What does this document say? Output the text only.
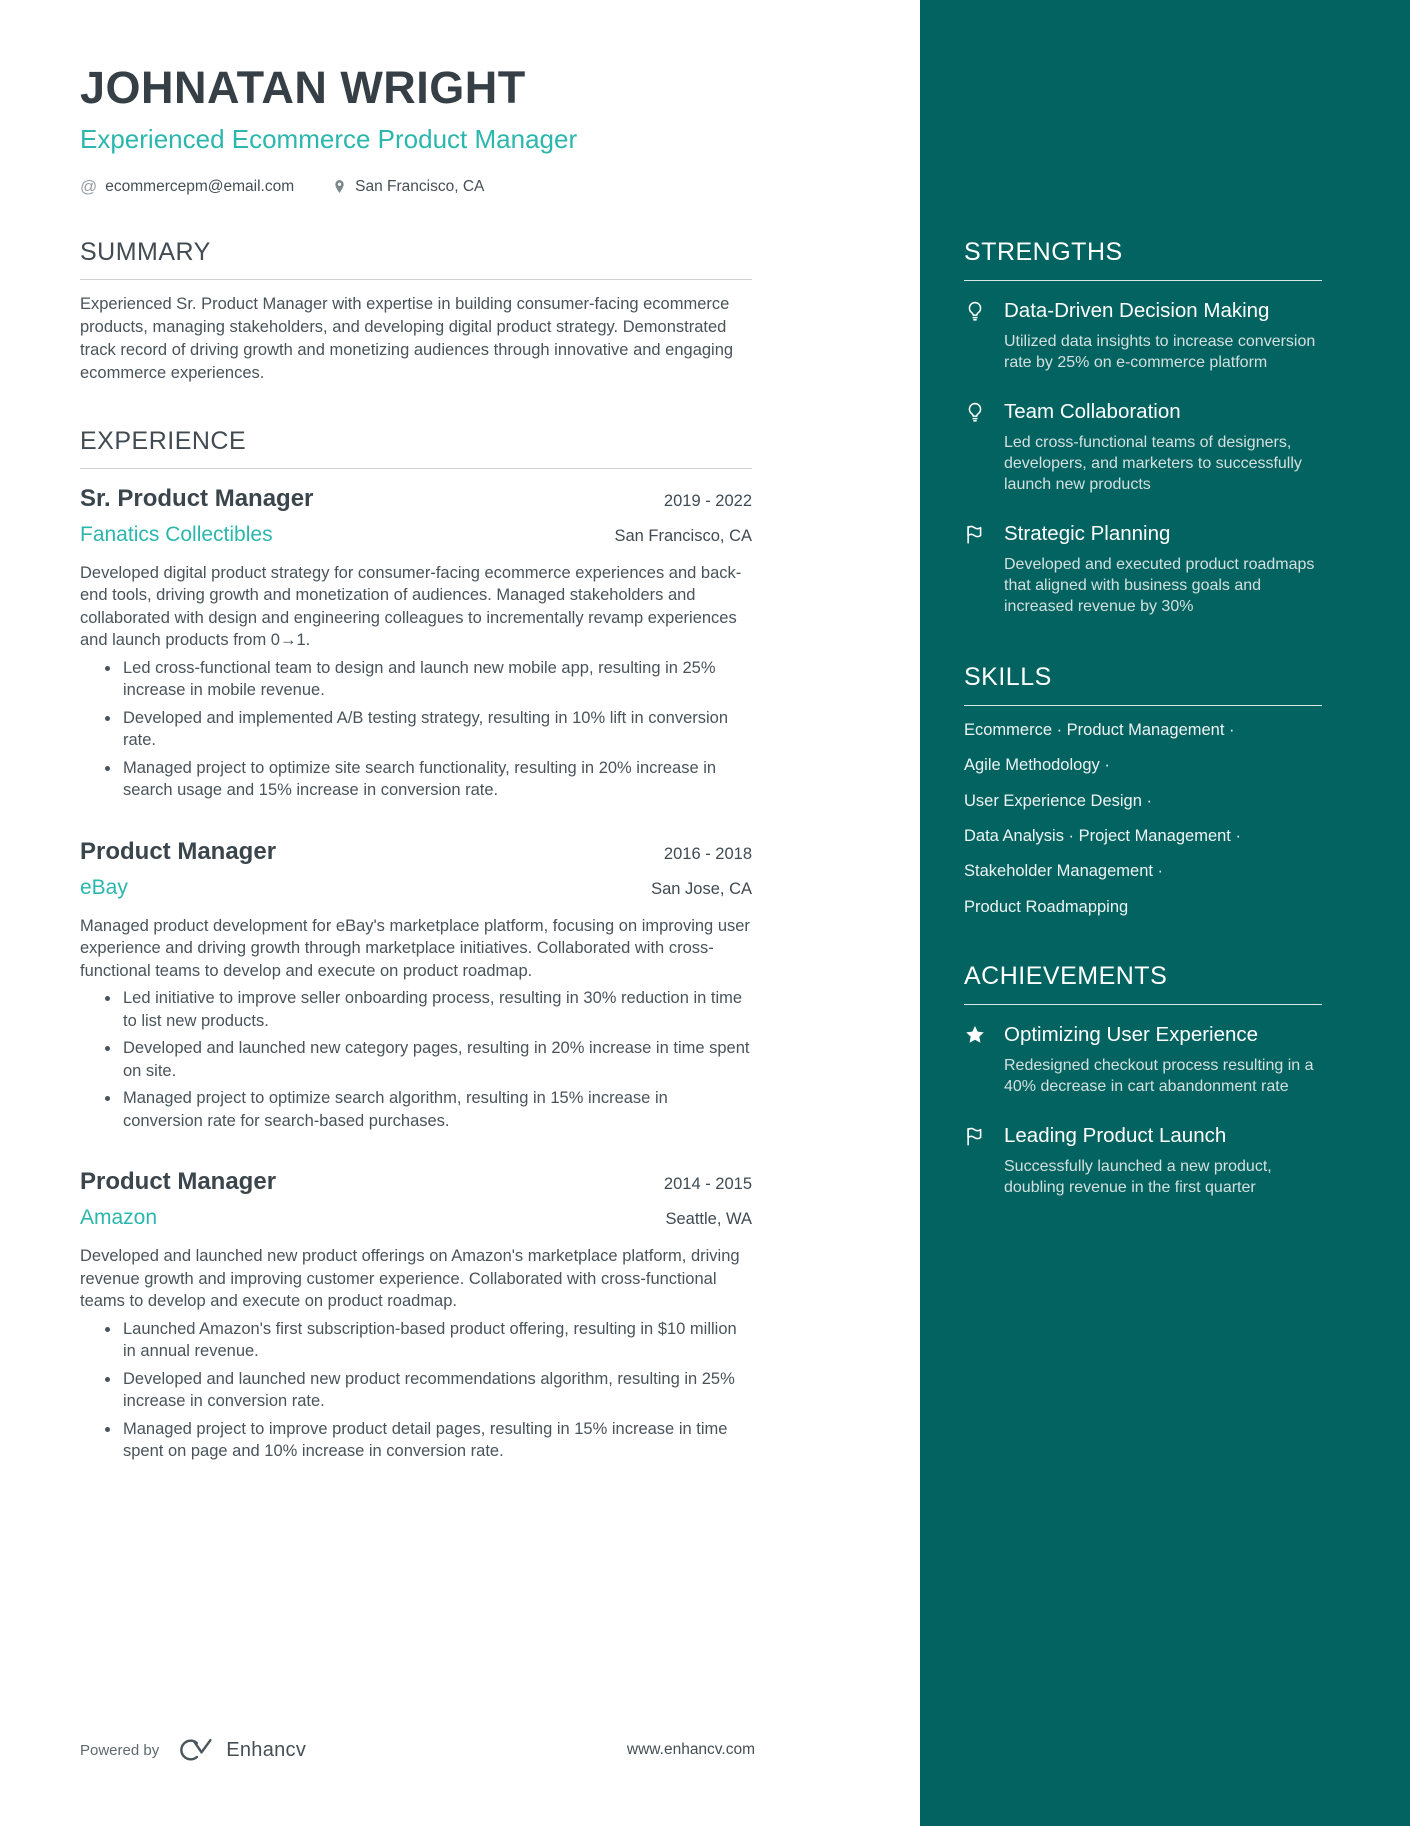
JOHNATAN WRIGHT
Experienced Ecommerce Product Manager
@ ecommercepm@email.com	San Francisco, CA
SUMMARY
Experienced Sr. Product Manager with expertise in building consumer-facing ecommerce products, managing stakeholders, and developing digital product strategy. Demonstrated track record of driving growth and monetizing audiences through innovative and engaging ecommerce experiences.
EXPERIENCE
Sr. Product Manager	2019 - 2022
Fanatics Collectibles	San Francisco, CA
Developed digital product strategy for consumer-facing ecommerce experiences and back-end tools, driving growth and monetization of audiences. Managed stakeholders and collaborated with design and engineering colleagues to incrementally revamp experiences and launch products from 0→1.
• Led cross-functional team to design and launch new mobile app, resulting in 25% increase in mobile revenue.
• Developed and implemented A/B testing strategy, resulting in 10% lift in conversion rate.
• Managed project to optimize site search functionality, resulting in 20% increase in search usage and 15% increase in conversion rate.
Product Manager	2016 - 2018
eBay	San Jose, CA
Managed product development for eBay's marketplace platform, focusing on improving user experience and driving growth through marketplace initiatives. Collaborated with cross-functional teams to develop and execute on product roadmap.
• Led initiative to improve seller onboarding process, resulting in 30% reduction in time to list new products.
• Developed and launched new category pages, resulting in 20% increase in time spent on site.
• Managed project to optimize search algorithm, resulting in 15% increase in conversion rate for search-based purchases.
Product Manager	2014 - 2015
Amazon	Seattle, WA
Developed and launched new product offerings on Amazon's marketplace platform, driving revenue growth and improving customer experience. Collaborated with cross-functional teams to develop and execute on product roadmap.
• Launched Amazon's first subscription-based product offering, resulting in $10 million in annual revenue.
• Developed and launched new product recommendations algorithm, resulting in 25% increase in conversion rate.
• Managed project to improve product detail pages, resulting in 15% increase in time spent on page and 10% increase in conversion rate.
STRENGTHS
Data-Driven Decision Making
Utilized data insights to increase conversion rate by 25% on e-commerce platform
Team Collaboration
Led cross-functional teams of designers, developers, and marketers to successfully launch new products
Strategic Planning
Developed and executed product roadmaps that aligned with business goals and increased revenue by 30%
SKILLS
Ecommerce · Product Management ·
Agile Methodology ·
User Experience Design ·
Data Analysis · Project Management ·
Stakeholder Management ·
Product Roadmapping
ACHIEVEMENTS
Optimizing User Experience
Redesigned checkout process resulting in a 40% decrease in cart abandonment rate
Leading Product Launch
Successfully launched a new product, doubling revenue in the first quarter
Powered by	Enhancv	www.enhancv.com
